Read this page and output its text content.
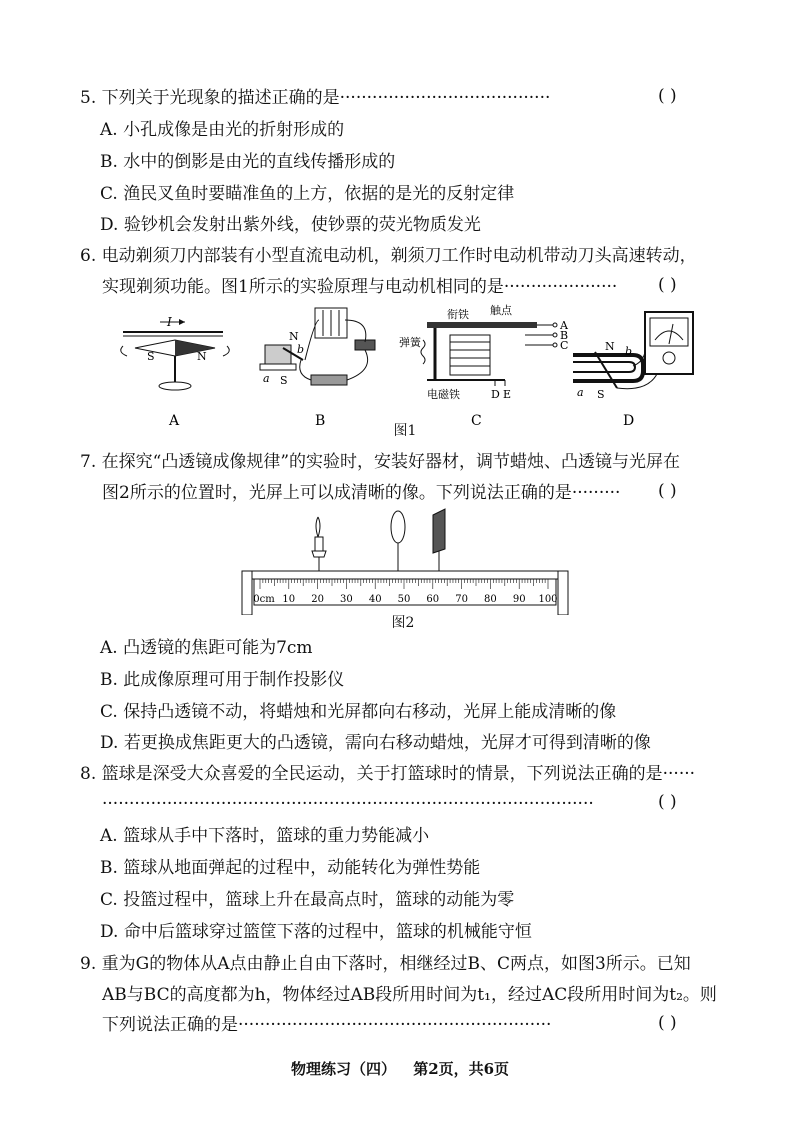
5. 下列关于光现象的描述正确的是·······································	( )
A. 小孔成像是由光的折射形成的
B. 水中的倒影是由光的直线传播形成的
C. 渔民叉鱼时要瞄准鱼的上方，依据的是光的反射定律
D. 验钞机会发射出紫外线，使钞票的荧光物质发光
6. 电动剃须刀内部装有小型直流电动机，剃须刀工作时电动机带动刀头高速转动，
实现剃须功能。图1所示的实验原理与电动机相同的是····················· ( )
I
S	N
A
N
b
a S
B
衔铁 触点
弹簧
电磁铁
A
B
C
D E
C
N b
a S
D
图1
7. 在探究“凸透镜成像规律”的实验时，安装好器材，调节蜡烛、凸透镜与光屏在
图2所示的位置时，光屏上可以成清晰的像。下列说法正确的是········· ( )
0cm 10 20 30 40 50 60 70 80 90 100
图2
A. 凸透镜的焦距可能为7cm
B. 此成像原理可用于制作投影仪
C. 保持凸透镜不动，将蜡烛和光屏都向右移动，光屏上能成清晰的像
D. 若更换成焦距更大的凸透镜，需向右移动蜡烛，光屏才可得到清晰的像
8. 篮球是深受大众喜爱的全民运动，关于打篮球时的情景，下列说法正确的是······
···························································································	( )
A. 篮球从手中下落时，篮球的重力势能减小
B. 篮球从地面弹起的过程中，动能转化为弹性势能
C. 投篮过程中，篮球上升在最高点时，篮球的动能为零
D. 命中后篮球穿过篮筐下落的过程中，篮球的机械能守恒
9. 重为G的物体从A点由静止自由下落时，相继经过B、C两点，如图3所示。已知
AB与BC的高度都为h，物体经过AB段所用时间为t₁，经过AC段所用时间为t₂。则
下列说法正确的是··························································	( )
物理练习（四） 第2页，共6页
